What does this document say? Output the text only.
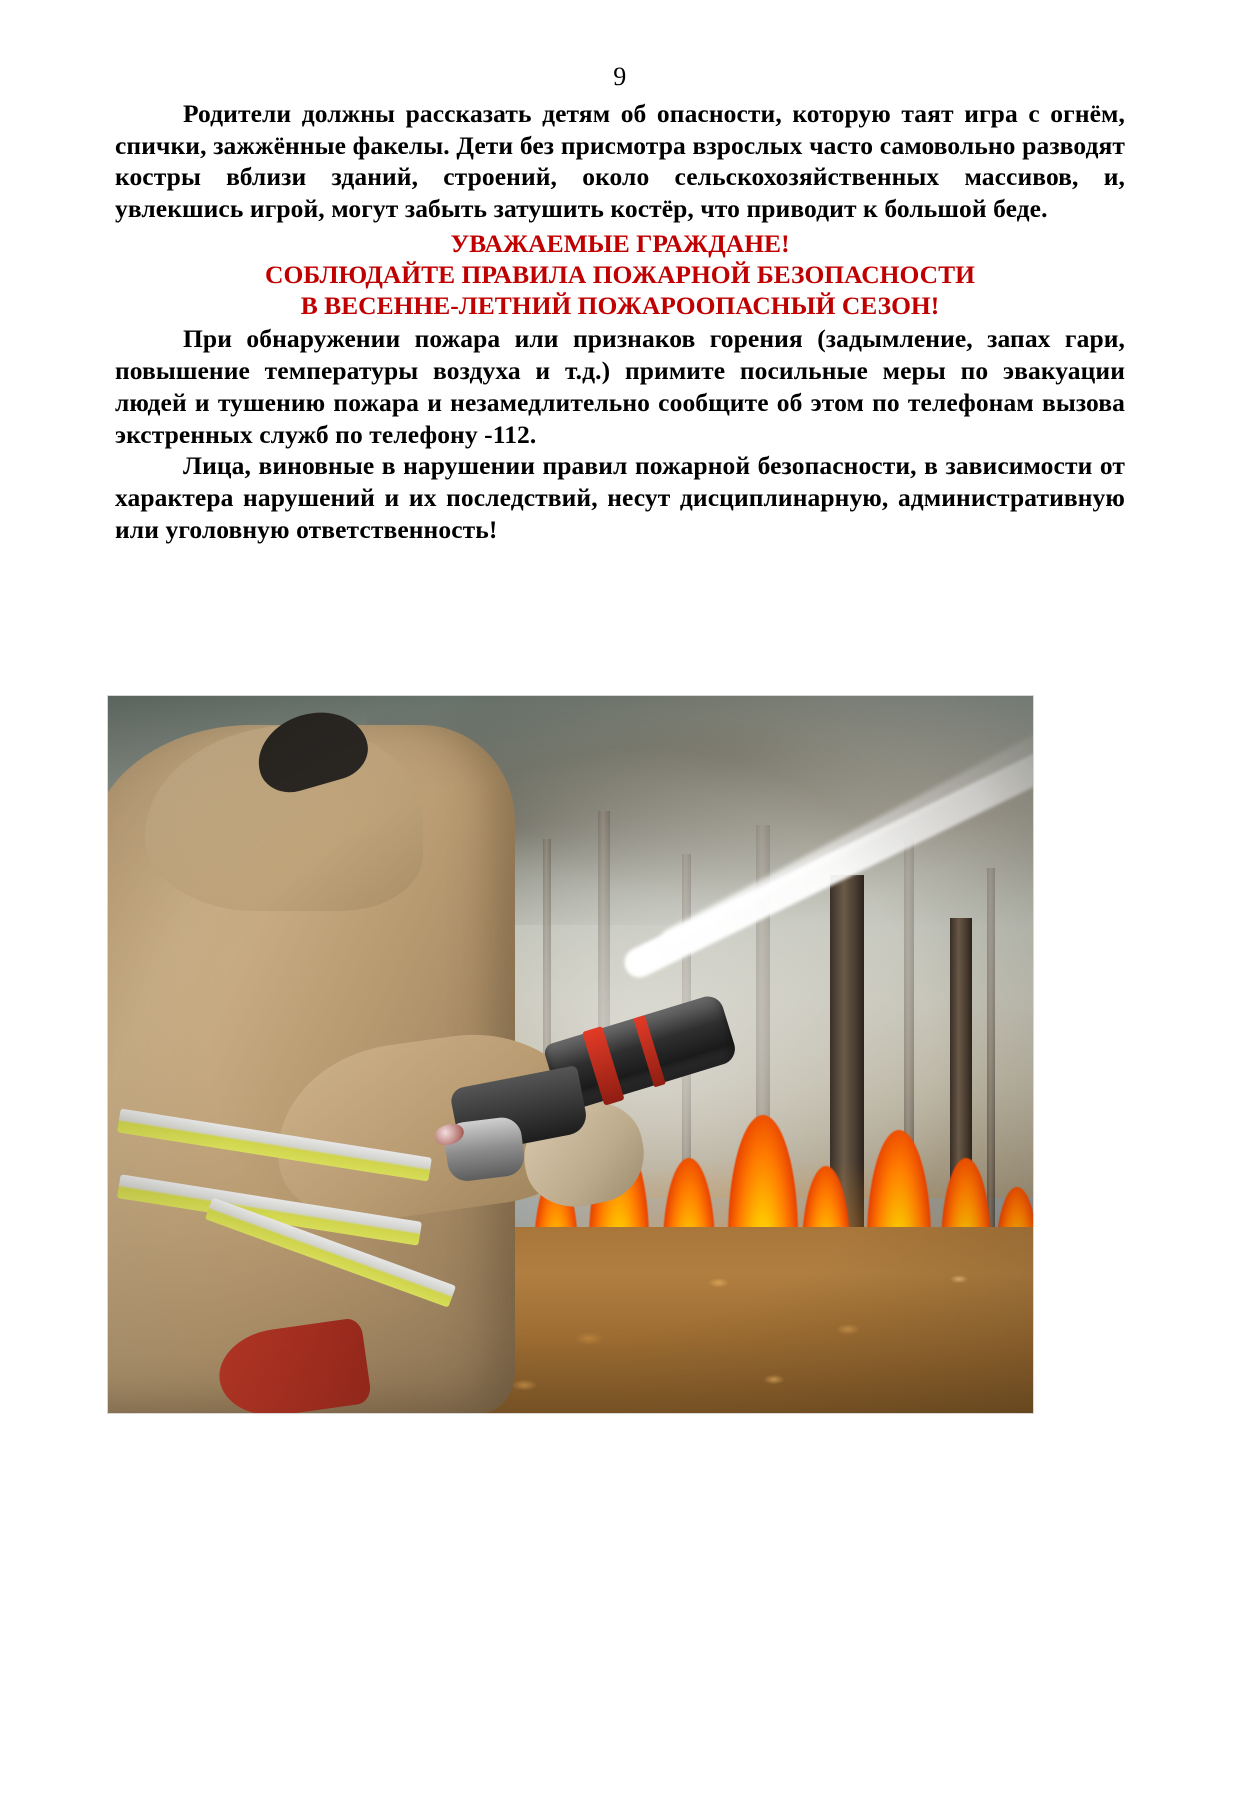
9

Родители должны рассказать детям об опасности, которую таят игра с огнём, спички, зажжённые факелы. Дети без присмотра взрослых часто самовольно разводят костры вблизи зданий, строений, около сельскохозяйственных массивов, и, увлекшись игрой, могут забыть затушить костёр, что приводит к большой беде.

УВАЖАЕМЫЕ ГРАЖДАНЕ!
СОБЛЮДАЙТЕ ПРАВИЛА ПОЖАРНОЙ БЕЗОПАСНОСТИ
В ВЕСЕННЕ-ЛЕТНИЙ ПОЖАРООПАСНЫЙ СЕЗОН!

При обнаружении пожара или признаков горения (задымление, запах гари, повышение температуры воздуха и т.д.) примите посильные меры по эвакуации людей и тушению пожара и незамедлительно сообщите об этом по телефонам вызова экстренных служб по телефону -112.

Лица, виновные в нарушении правил пожарной безопасности, в зависимости от характера нарушений и их последствий, несут дисциплинарную, административную или уголовную ответственность!
